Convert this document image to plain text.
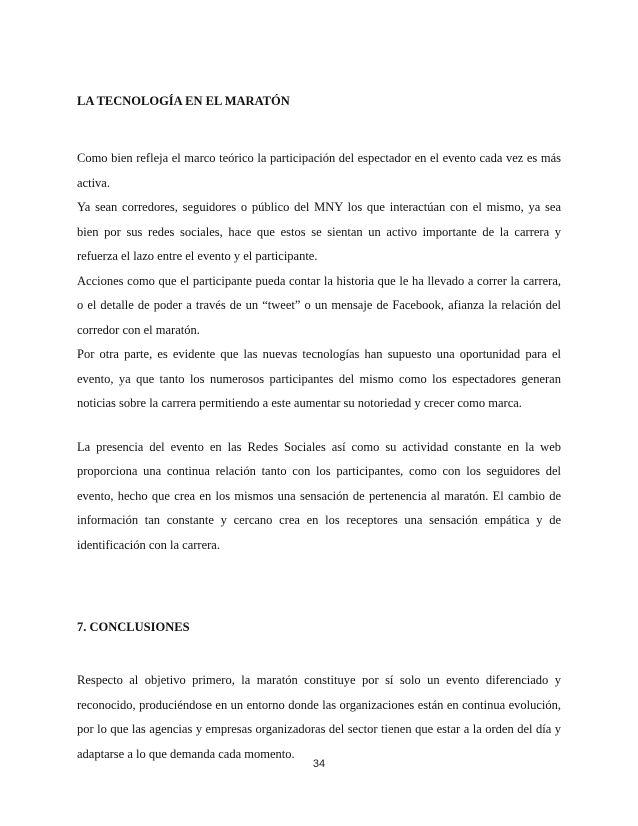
LA TECNOLOGÍA EN EL MARATÓN

Como bien refleja el marco teórico la participación del espectador en el evento cada vez es más activa.

Ya sean corredores, seguidores o público del MNY los que interactúan con el mismo, ya sea bien por sus redes sociales, hace que estos se sientan un activo importante de la carrera y refuerza el lazo entre el evento y el participante.

Acciones como que el participante pueda contar la historia que le ha llevado a correr la carrera, o el detalle de poder a través de un “tweet” o un mensaje de Facebook, afianza la relación del corredor con el maratón.

Por otra parte, es evidente que las nuevas tecnologías han supuesto una oportunidad para el evento, ya que tanto los numerosos participantes del mismo como los espectadores generan noticias sobre la carrera permitiendo a este aumentar su notoriedad y crecer como marca.

La presencia del evento en las Redes Sociales así como su actividad constante en la web proporciona una continua relación tanto con los participantes, como con los seguidores del evento, hecho que crea en los mismos una sensación de pertenencia al maratón. El cambio de información tan constante y cercano crea en los receptores una sensación empática y de identificación con la carrera.

7. CONCLUSIONES

Respecto al objetivo primero, la maratón constituye por sí solo un evento diferenciado y reconocido, produciéndose en un entorno donde las organizaciones están en continua evolución, por lo que las agencias y empresas organizadoras del sector tienen que estar a la orden del día y adaptarse a lo que demanda cada momento.

34
